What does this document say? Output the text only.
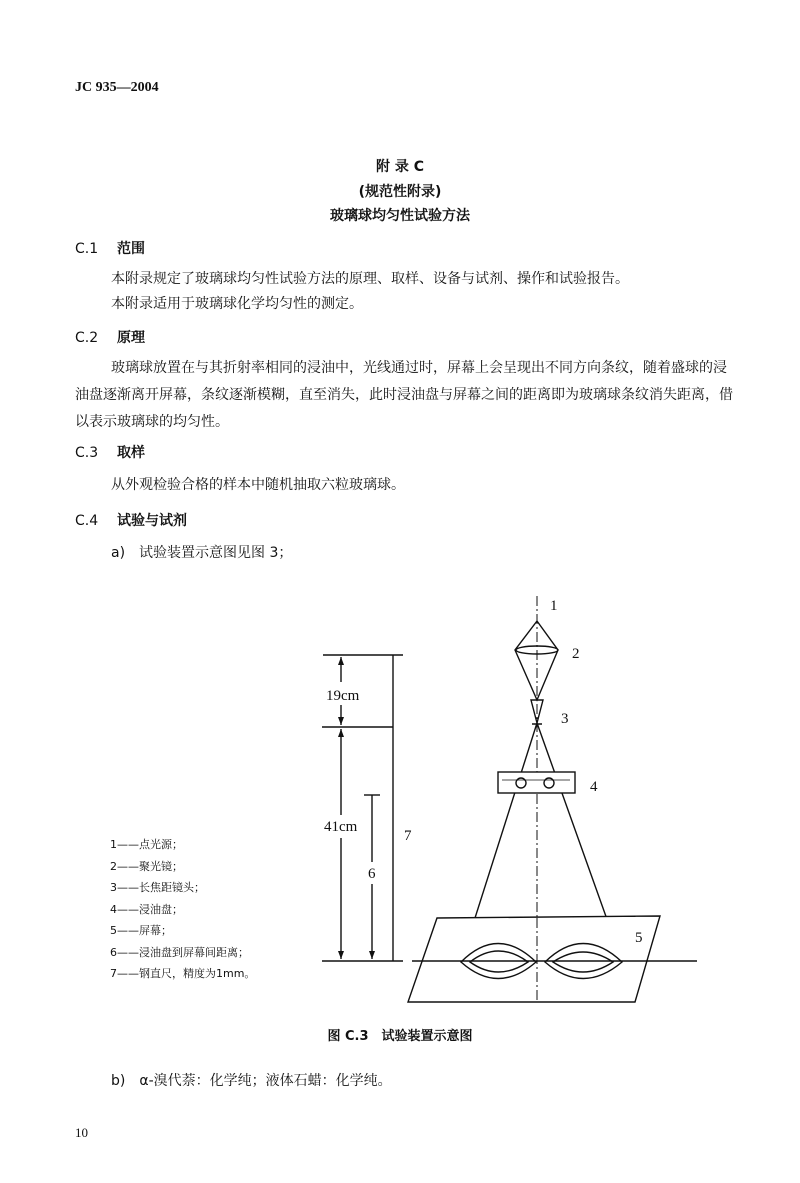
JC 935—2004
附 录 C
(规范性附录)
玻璃球均匀性试验方法
C.1 范围
本附录规定了玻璃球均匀性试验方法的原理、取样、设备与试剂、操作和试验报告。
本附录适用于玻璃球化学均匀性的测定。
C.2 原理
玻璃球放置在与其折射率相同的浸油中，光线通过时，屏幕上会呈现出不同方向条纹，随着盛球的浸油盘逐渐离开屏幕，条纹逐渐模糊，直至消失，此时浸油盘与屏幕之间的距离即为玻璃球条纹消失距离，借以表示玻璃球的均匀性。
C.3 取样
从外观检验合格的样本中随机抽取六粒玻璃球。
C.4 试验与试剂
a)　试验装置示意图见图 3；
19cm
41cm
1
2
3
4
5
6
7
1——点光源；
2——聚光镜；
3——长焦距镜头；
4——浸油盘；
5——屏幕；
6——浸油盘到屏幕间距离；
7——钢直尺，精度为1mm。
图 C.3　试验装置示意图
b)　α-溴代萘：化学纯；液体石蜡：化学纯。
10
